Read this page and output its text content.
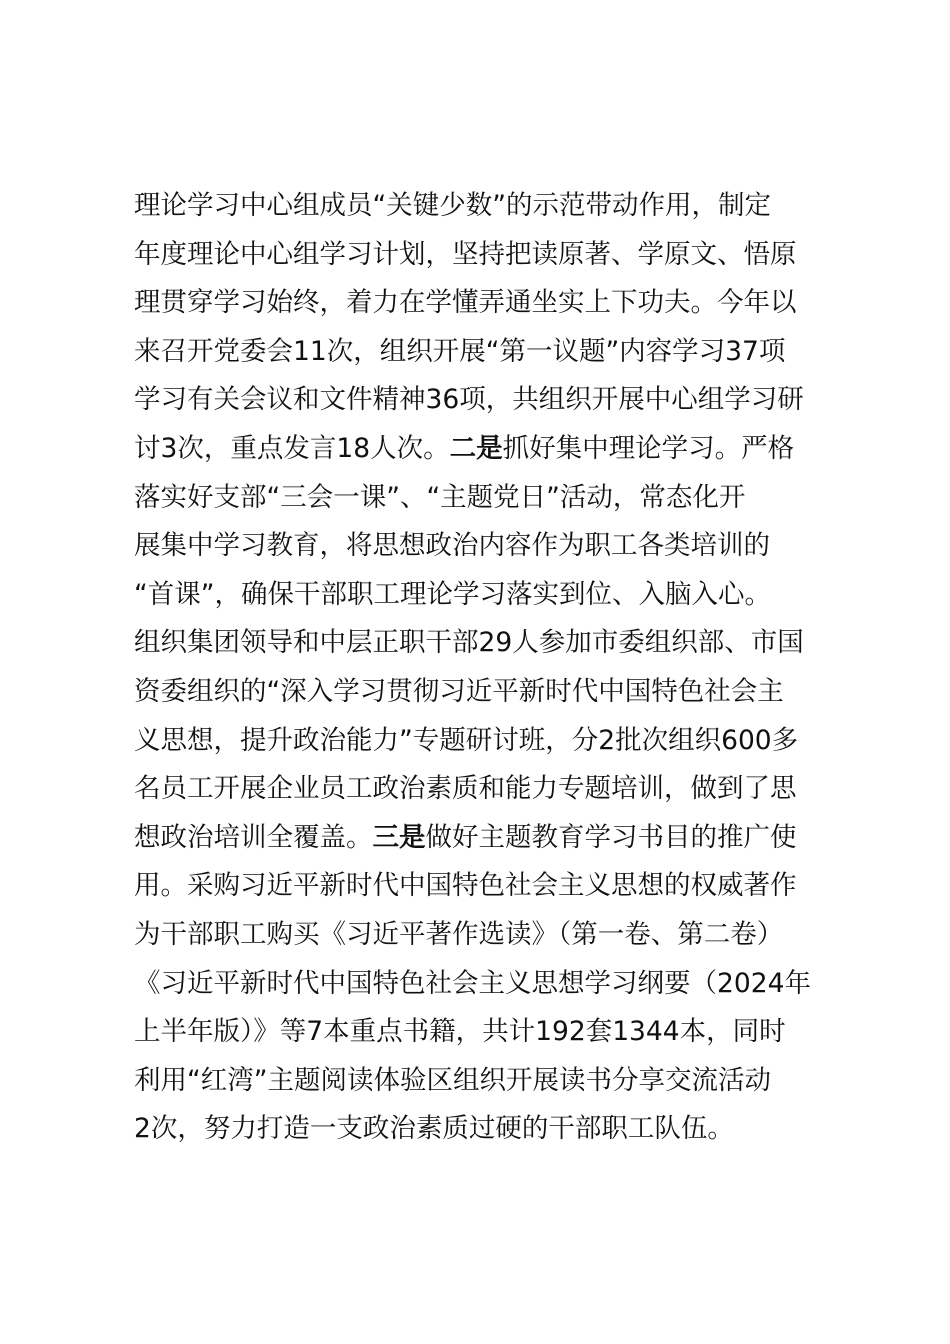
理论学习中心组成员“关键少数”的示范带动作用，制定
年度理论中心组学习计划，坚持把读原著、学原文、悟原
理贯穿学习始终，着力在学懂弄通坐实上下功夫。今年以
来召开党委会11次，组织开展“第一议题”内容学习37项
学习有关会议和文件精神36项，共组织开展中心组学习研
讨3次，重点发言18人次。二是抓好集中理论学习。严格
落实好支部“三会一课”、“主题党日”活动，常态化开
展集中学习教育，将思想政治内容作为职工各类培训的
“首课”，确保干部职工理论学习落实到位、入脑入心。
组织集团领导和中层正职干部29人参加市委组织部、市国
资委组织的“深入学习贯彻习近平新时代中国特色社会主
义思想，提升政治能力”专题研讨班，分2批次组织600多
名员工开展企业员工政治素质和能力专题培训，做到了思
想政治培训全覆盖。三是做好主题教育学习书目的推广使
用。采购习近平新时代中国特色社会主义思想的权威著作
为干部职工购买《习近平著作选读》（第一卷、第二卷）
《习近平新时代中国特色社会主义思想学习纲要（2024年
上半年版）》等7本重点书籍，共计192套1344本，同时
利用“红湾”主题阅读体验区组织开展读书分享交流活动
2次，努力打造一支政治素质过硬的干部职工队伍。
